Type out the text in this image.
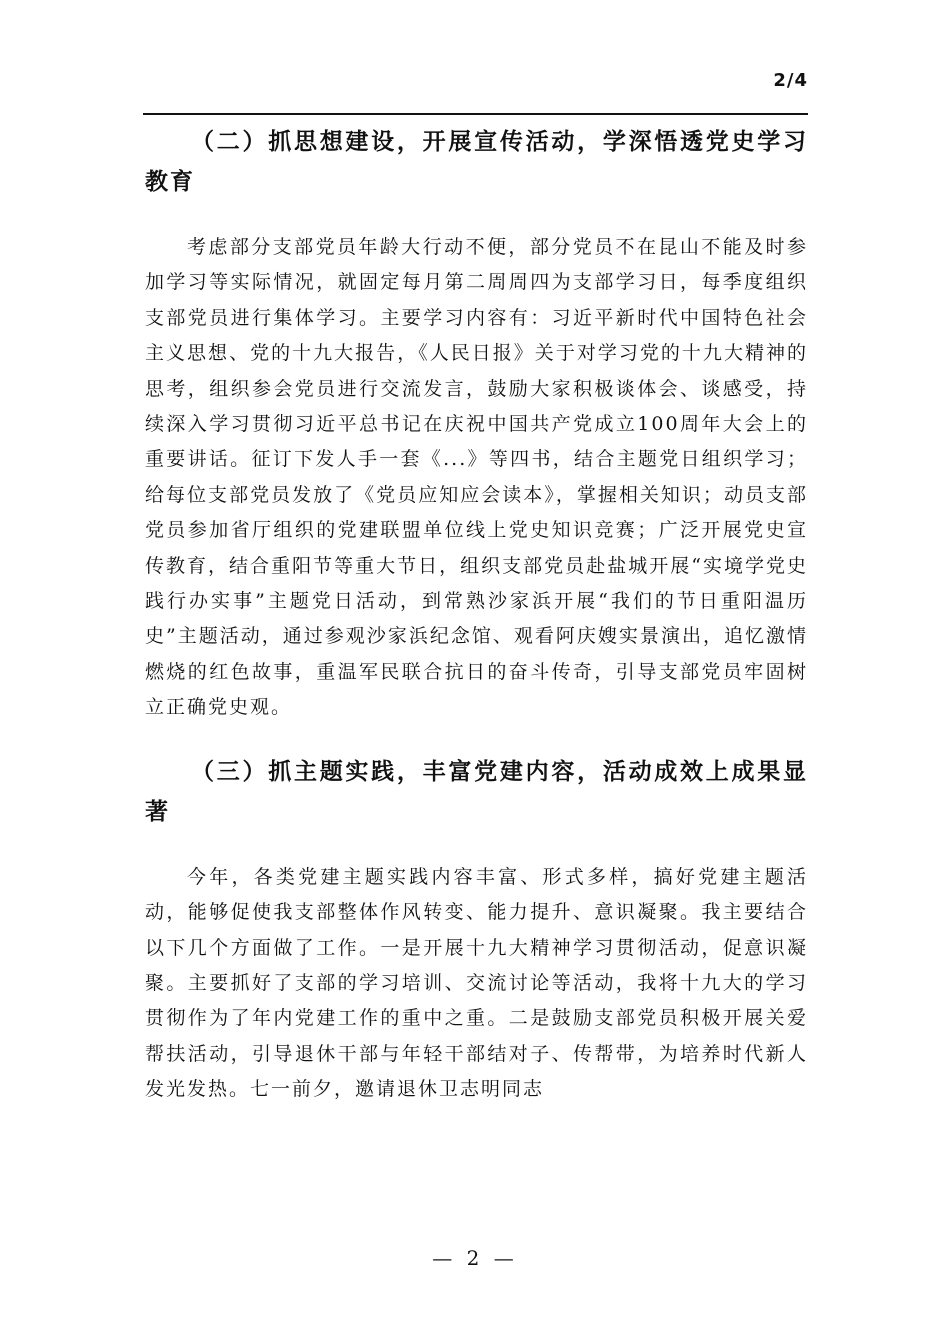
2/4
（二）抓思想建设，开展宣传活动，学深悟透党史学习教育

考虑部分支部党员年龄大行动不便，部分党员不在昆山不能及时参加学习等实际情况，就固定每月第二周周四为支部学习日，每季度组织支部党员进行集体学习。主要学习内容有：习近平新时代中国特色社会主义思想、党的十九大报告，《人民日报》关于对学习党的十九大精神的思考，组织参会党员进行交流发言，鼓励大家积极谈体会、谈感受，持续深入学习贯彻习近平总书记在庆祝中国共产党成立100周年大会上的重要讲话。征订下发人手一套《...》等四书，结合主题党日组织学习；给每位支部党员发放了《党员应知应会读本》，掌握相关知识；动员支部党员参加省厅组织的党建联盟单位线上党史知识竞赛；广泛开展党史宣传教育，结合重阳节等重大节日，组织支部党员赴盐城开展“实境学党史践行办实事”主题党日活动，到常熟沙家浜开展“我们的节日重阳温历史”主题活动，通过参观沙家浜纪念馆、观看阿庆嫂实景演出，追忆激情燃烧的红色故事，重温军民联合抗日的奋斗传奇，引导支部党员牢固树立正确党史观。

（三）抓主题实践，丰富党建内容，活动成效上成果显著

今年，各类党建主题实践内容丰富、形式多样，搞好党建主题活动，能够促使我支部整体作风转变、能力提升、意识凝聚。我主要结合以下几个方面做了工作。一是开展十九大精神学习贯彻活动，促意识凝聚。主要抓好了支部的学习培训、交流讨论等活动，我将十九大的学习贯彻作为了年内党建工作的重中之重。二是鼓励支部党员积极开展关爱帮扶活动，引导退休干部与年轻干部结对子、传帮带，为培养时代新人发光发热。七一前夕，邀请退休卫志明同志

— 2 —
